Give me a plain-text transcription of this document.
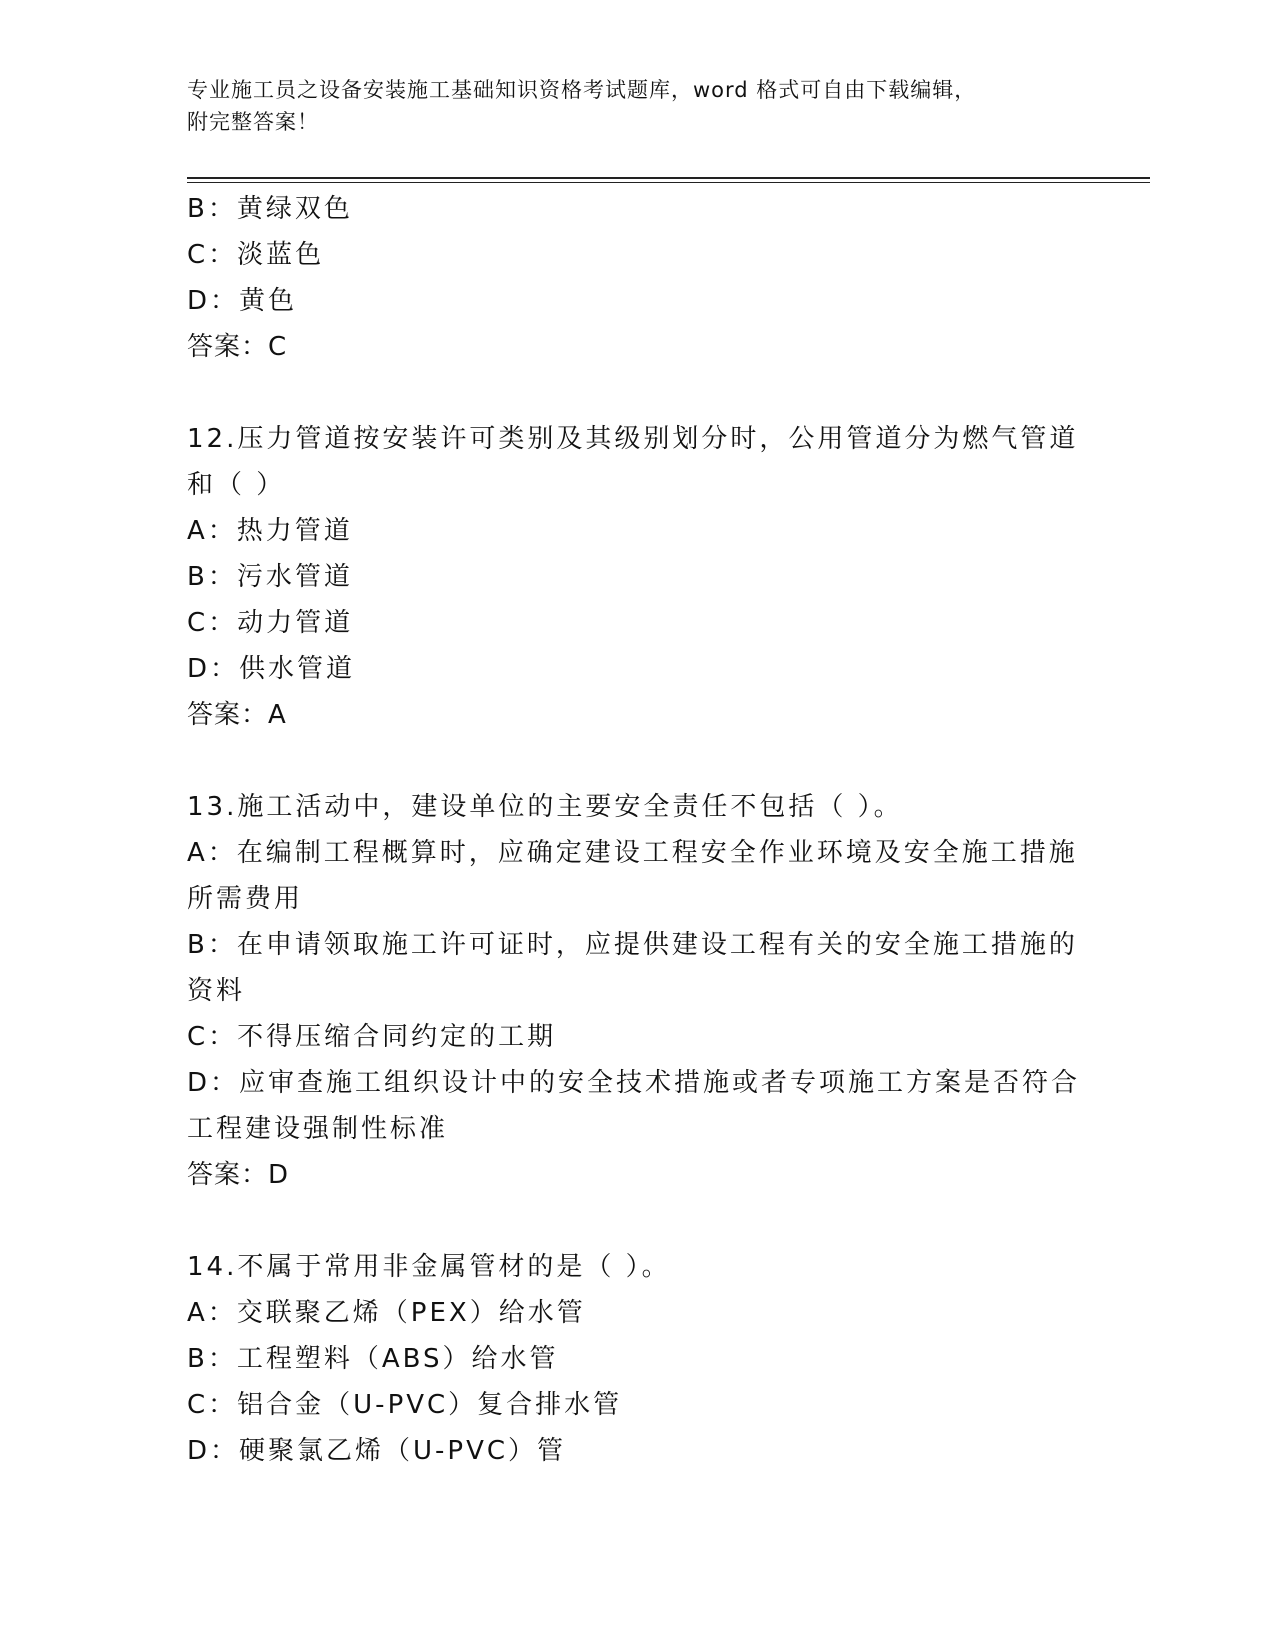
专业施工员之设备安装施工基础知识资格考试题库，word 格式可自由下载编辑，
附完整答案！
B：黄绿双色
C：淡蓝色
D：黄色
答案：C
12.压力管道按安装许可类别及其级别划分时，公用管道分为燃气管道
和（ ）
A：热力管道
B：污水管道
C：动力管道
D：供水管道
答案：A
13.施工活动中，建设单位的主要安全责任不包括（ ）。
A：在编制工程概算时，应确定建设工程安全作业环境及安全施工措施
所需费用
B：在申请领取施工许可证时，应提供建设工程有关的安全施工措施的
资料
C：不得压缩合同约定的工期
D：应审查施工组织设计中的安全技术措施或者专项施工方案是否符合
工程建设强制性标准
答案：D
14.不属于常用非金属管材的是（ ）。
A：交联聚乙烯（PEX）给水管
B：工程塑料（ABS）给水管
C：铝合金（U-PVC）复合排水管
D：硬聚氯乙烯（U-PVC）管
